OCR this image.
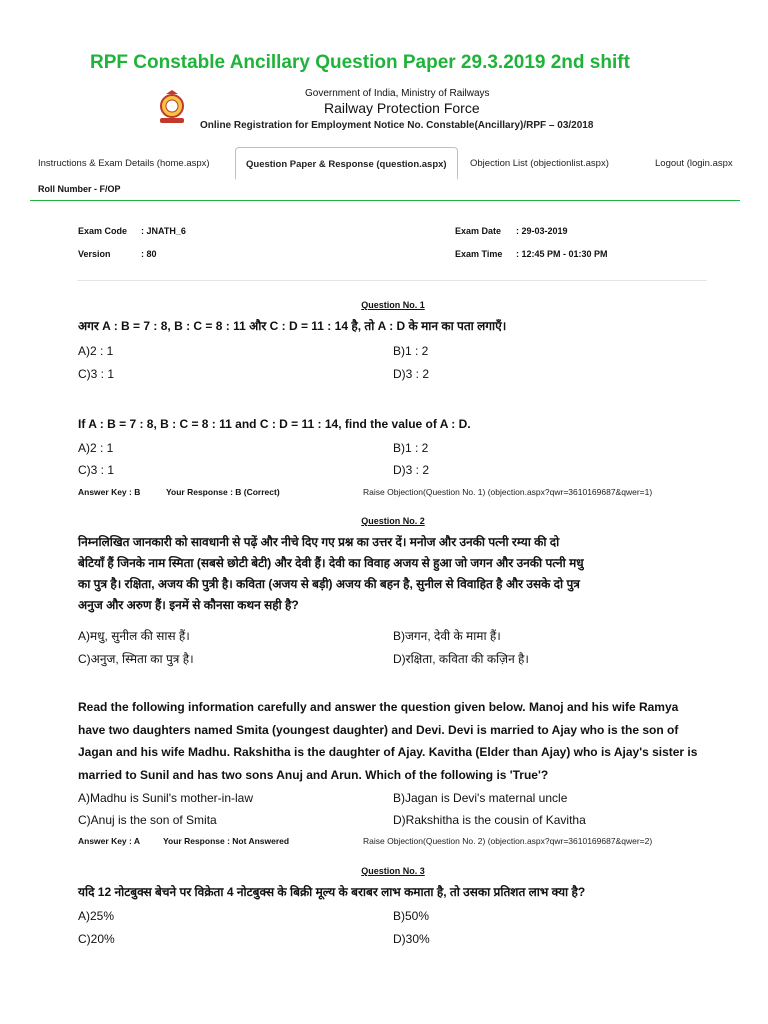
RPF Constable Ancillary Question Paper 29.3.2019 2nd shift
Government of India, Ministry of Railways
Railway Protection Force
Online Registration for Employment Notice No. Constable(Ancillary)/RPF – 03/2018
Instructions & Exam Details (home.aspx)	Question Paper & Response (question.aspx)	Objection List (objectionlist.aspx)	Logout (login.aspx
Roll Number - F/OP
Exam Code : JNATH_6
Version	: 80
Exam Date : 29-03-2019
Exam Time : 12:45 PM - 01:30 PM
Question No. 1
अगर A : B = 7 : 8, B : C = 8 : 11 और C : D = 11 : 14 है, तो A : D के मान का पता लगाएँ।
A)2 : 1	B)1 : 2
C)3 : 1	D)3 : 2
If A : B = 7 : 8, B : C = 8 : 11 and C : D = 11 : 14, find the value of A : D.
A)2 : 1	B)1 : 2
C)3 : 1	D)3 : 2
Answer Key : B	Your Response : B (Correct)	Raise Objection(Question No. 1) (objection.aspx?qwr=3610169687&qwer=1)
Question No. 2
निम्नलिखित जानकारी को सावधानी से पढ़ें और नीचे दिए गए प्रश्न का उत्तर दें। मनोज और उनकी पत्नी रम्या की दो
बेटियाँ हैं जिनके नाम स्मिता (सबसे छोटी बेटी) और देवी हैं। देवी का विवाह अजय से हुआ जो जगन और उनकी पत्नी मधु
का पुत्र है। रक्षिता, अजय की पुत्री है। कविता (अजय से बड़ी) अजय की बहन है, सुनील से विवाहित है और उसके दो पुत्र
अनुज और अरुण हैं। इनमें से कौनसा कथन सही है?
A)मधु, सुनील की सास हैं।	B)जगन, देवी के मामा हैं।
C)अनुज, स्मिता का पुत्र है।	D)रक्षिता, कविता की कज़िन है।
Read the following information carefully and answer the question given below. Manoj and his wife Ramya
have two daughters named Smita (youngest daughter) and Devi. Devi is married to Ajay who is the son of
Jagan and his wife Madhu. Rakshitha is the daughter of Ajay. Kavitha (Elder than Ajay) who is Ajay's sister is
married to Sunil and has two sons Anuj and Arun. Which of the following is 'True'?
A)Madhu is Sunil's mother-in-law	B)Jagan is Devi's maternal uncle
C)Anuj is the son of Smita	D)Rakshitha is the cousin of Kavitha
Answer Key : A	Your Response : Not Answered	Raise Objection(Question No. 2) (objection.aspx?qwr=3610169687&qwer=2)
Question No. 3
यदि 12 नोटबुक्स बेचने पर विक्रेता 4 नोटबुक्स के बिक्री मूल्य के बराबर लाभ कमाता है, तो उसका प्रतिशत लाभ क्या है?
A)25%	B)50%
C)20%	D)30%
